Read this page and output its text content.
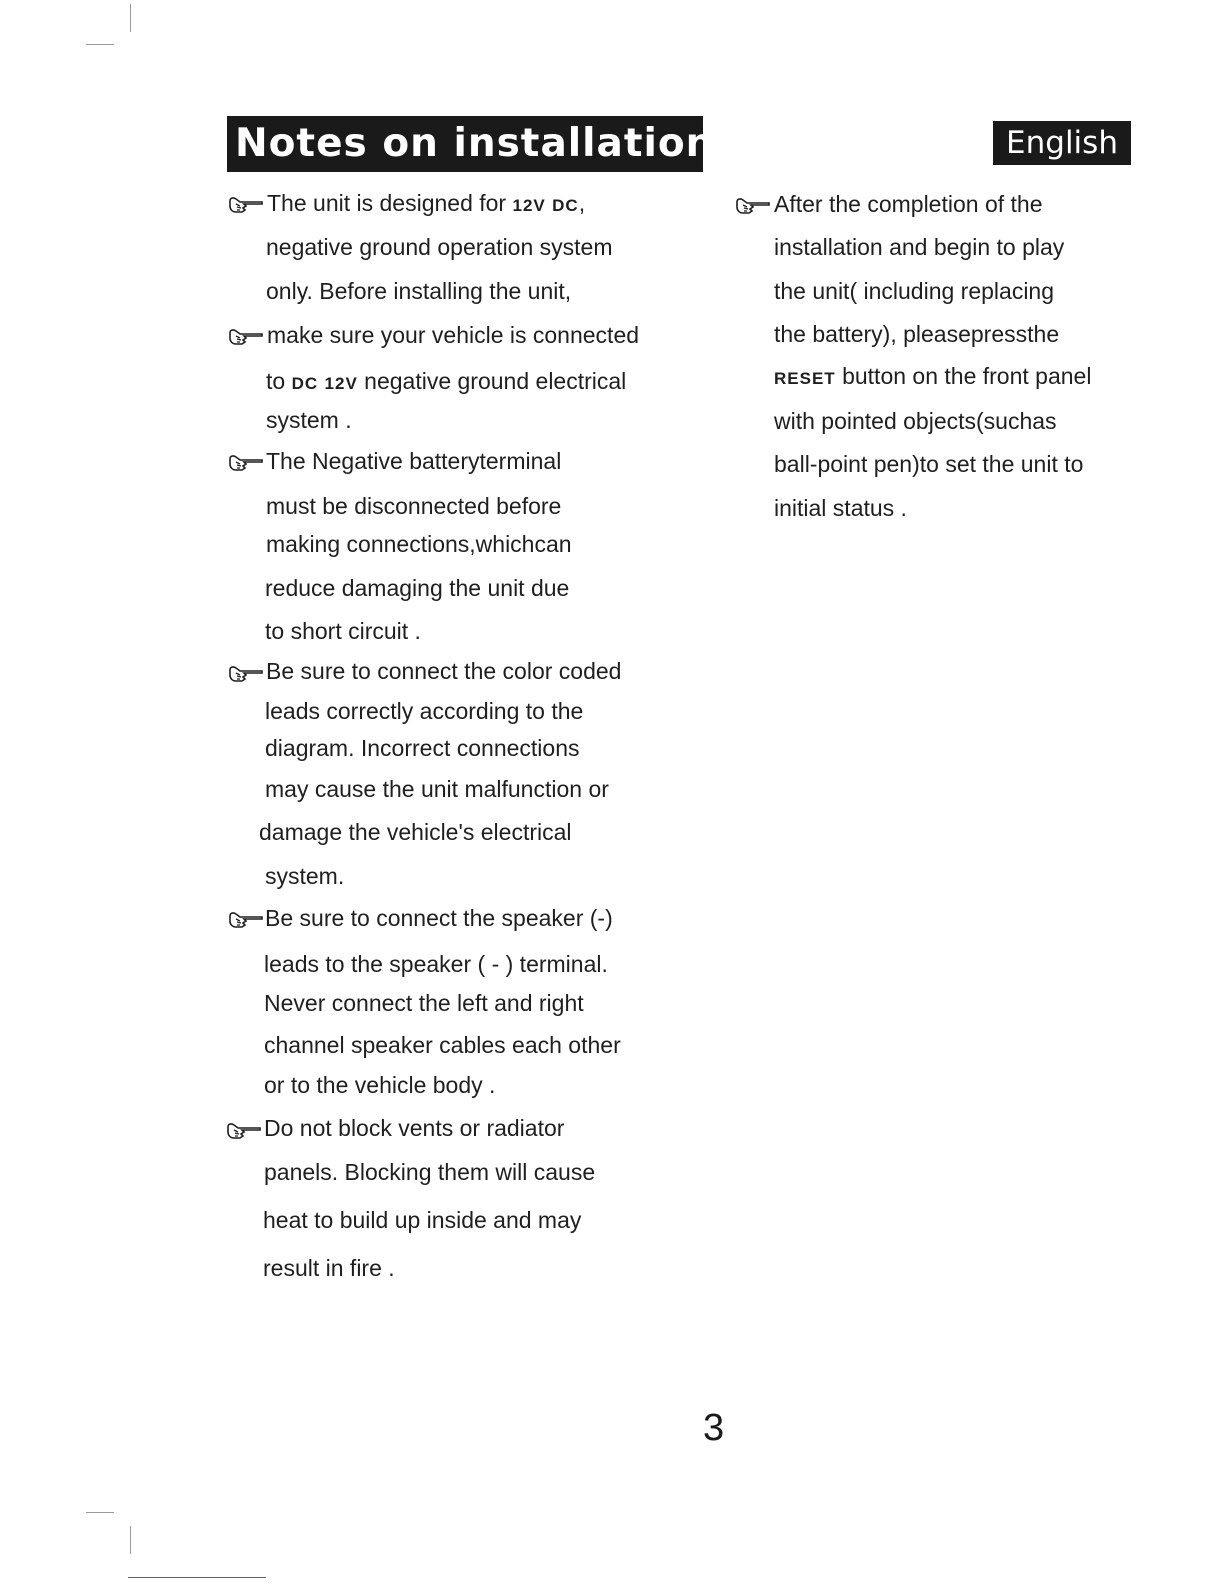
Notes on installation	English
The unit is designed for 12V DC,
negative ground operation system
only. Before installing the unit,
make sure your vehicle is connected
to DC 12V negative ground electrical
system .
The Negative batteryterminal
must be disconnected before
making connections,whichcan
reduce damaging the unit due
to short circuit .
Be sure to connect the color coded
leads correctly according to the
diagram. Incorrect connections
may cause the unit malfunction or
damage the vehicle's electrical
system.
Be sure to connect the speaker (-)
leads to the speaker ( - ) terminal.
Never connect the left and right
channel speaker cables each other
or to the vehicle body .
Do not block vents or radiator
panels. Blocking them will cause
heat to build up inside and may
result in fire .
After the completion of the
installation and begin to play
the unit( including replacing
the battery), pleasepressthe
RESET button on the front panel
with pointed objects(suchas
ball-point pen)to set the unit to
initial status .
3
